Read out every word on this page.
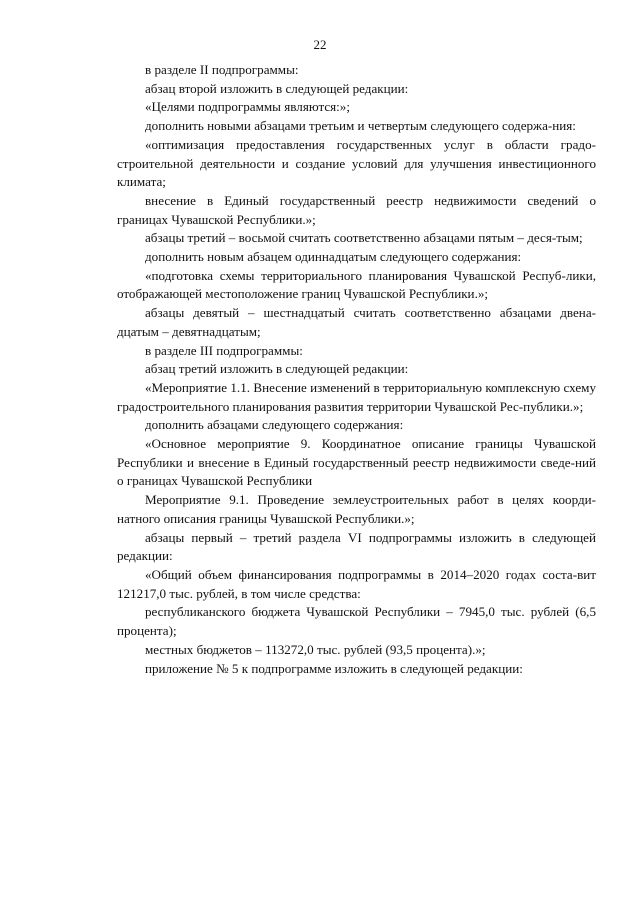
22

в разделе II подпрограммы:

абзац второй изложить в следующей редакции:

«Целями подпрограммы являются:»;

дополнить новыми абзацами третьим и четвертым следующего содержа-ния:

«оптимизация предоставления государственных услуг в области градо-строительной деятельности и создание условий для улучшения инвестиционного климата;

внесение в Единый государственный реестр недвижимости сведений о границах Чувашской Республики.»;

абзацы третий – восьмой считать соответственно абзацами пятым – деся-тым;

дополнить новым абзацем одиннадцатым следующего содержания:

«подготовка схемы территориального планирования Чувашской Респуб-лики, отображающей местоположение границ Чувашской Республики.»;

абзацы девятый – шестнадцатый считать соответственно абзацами двена-дцатым – девятнадцатым;

в разделе III подпрограммы:

абзац третий изложить в следующей редакции:

«Мероприятие 1.1. Внесение изменений в территориальную комплексную схему градостроительного планирования развития территории Чувашской Рес-публики.»;

дополнить абзацами следующего содержания:

«Основное мероприятие 9. Координатное описание границы Чувашской Республики и внесение в Единый государственный реестр недвижимости сведе-ний о границах Чувашской Республики

Мероприятие 9.1. Проведение землеустроительных работ в целях коорди-натного описания границы Чувашской Республики.»;

абзацы первый – третий раздела VI подпрограммы изложить в следующей редакции:

«Общий объем финансирования подпрограммы в 2014–2020 годах соста-вит 121217,0 тыс. рублей, в том числе средства:

республиканского бюджета Чувашской Республики – 7945,0 тыс. рублей (6,5 процента);

местных бюджетов – 113272,0 тыс. рублей (93,5 процента).»;

приложение № 5 к подпрограмме изложить в следующей редакции:
